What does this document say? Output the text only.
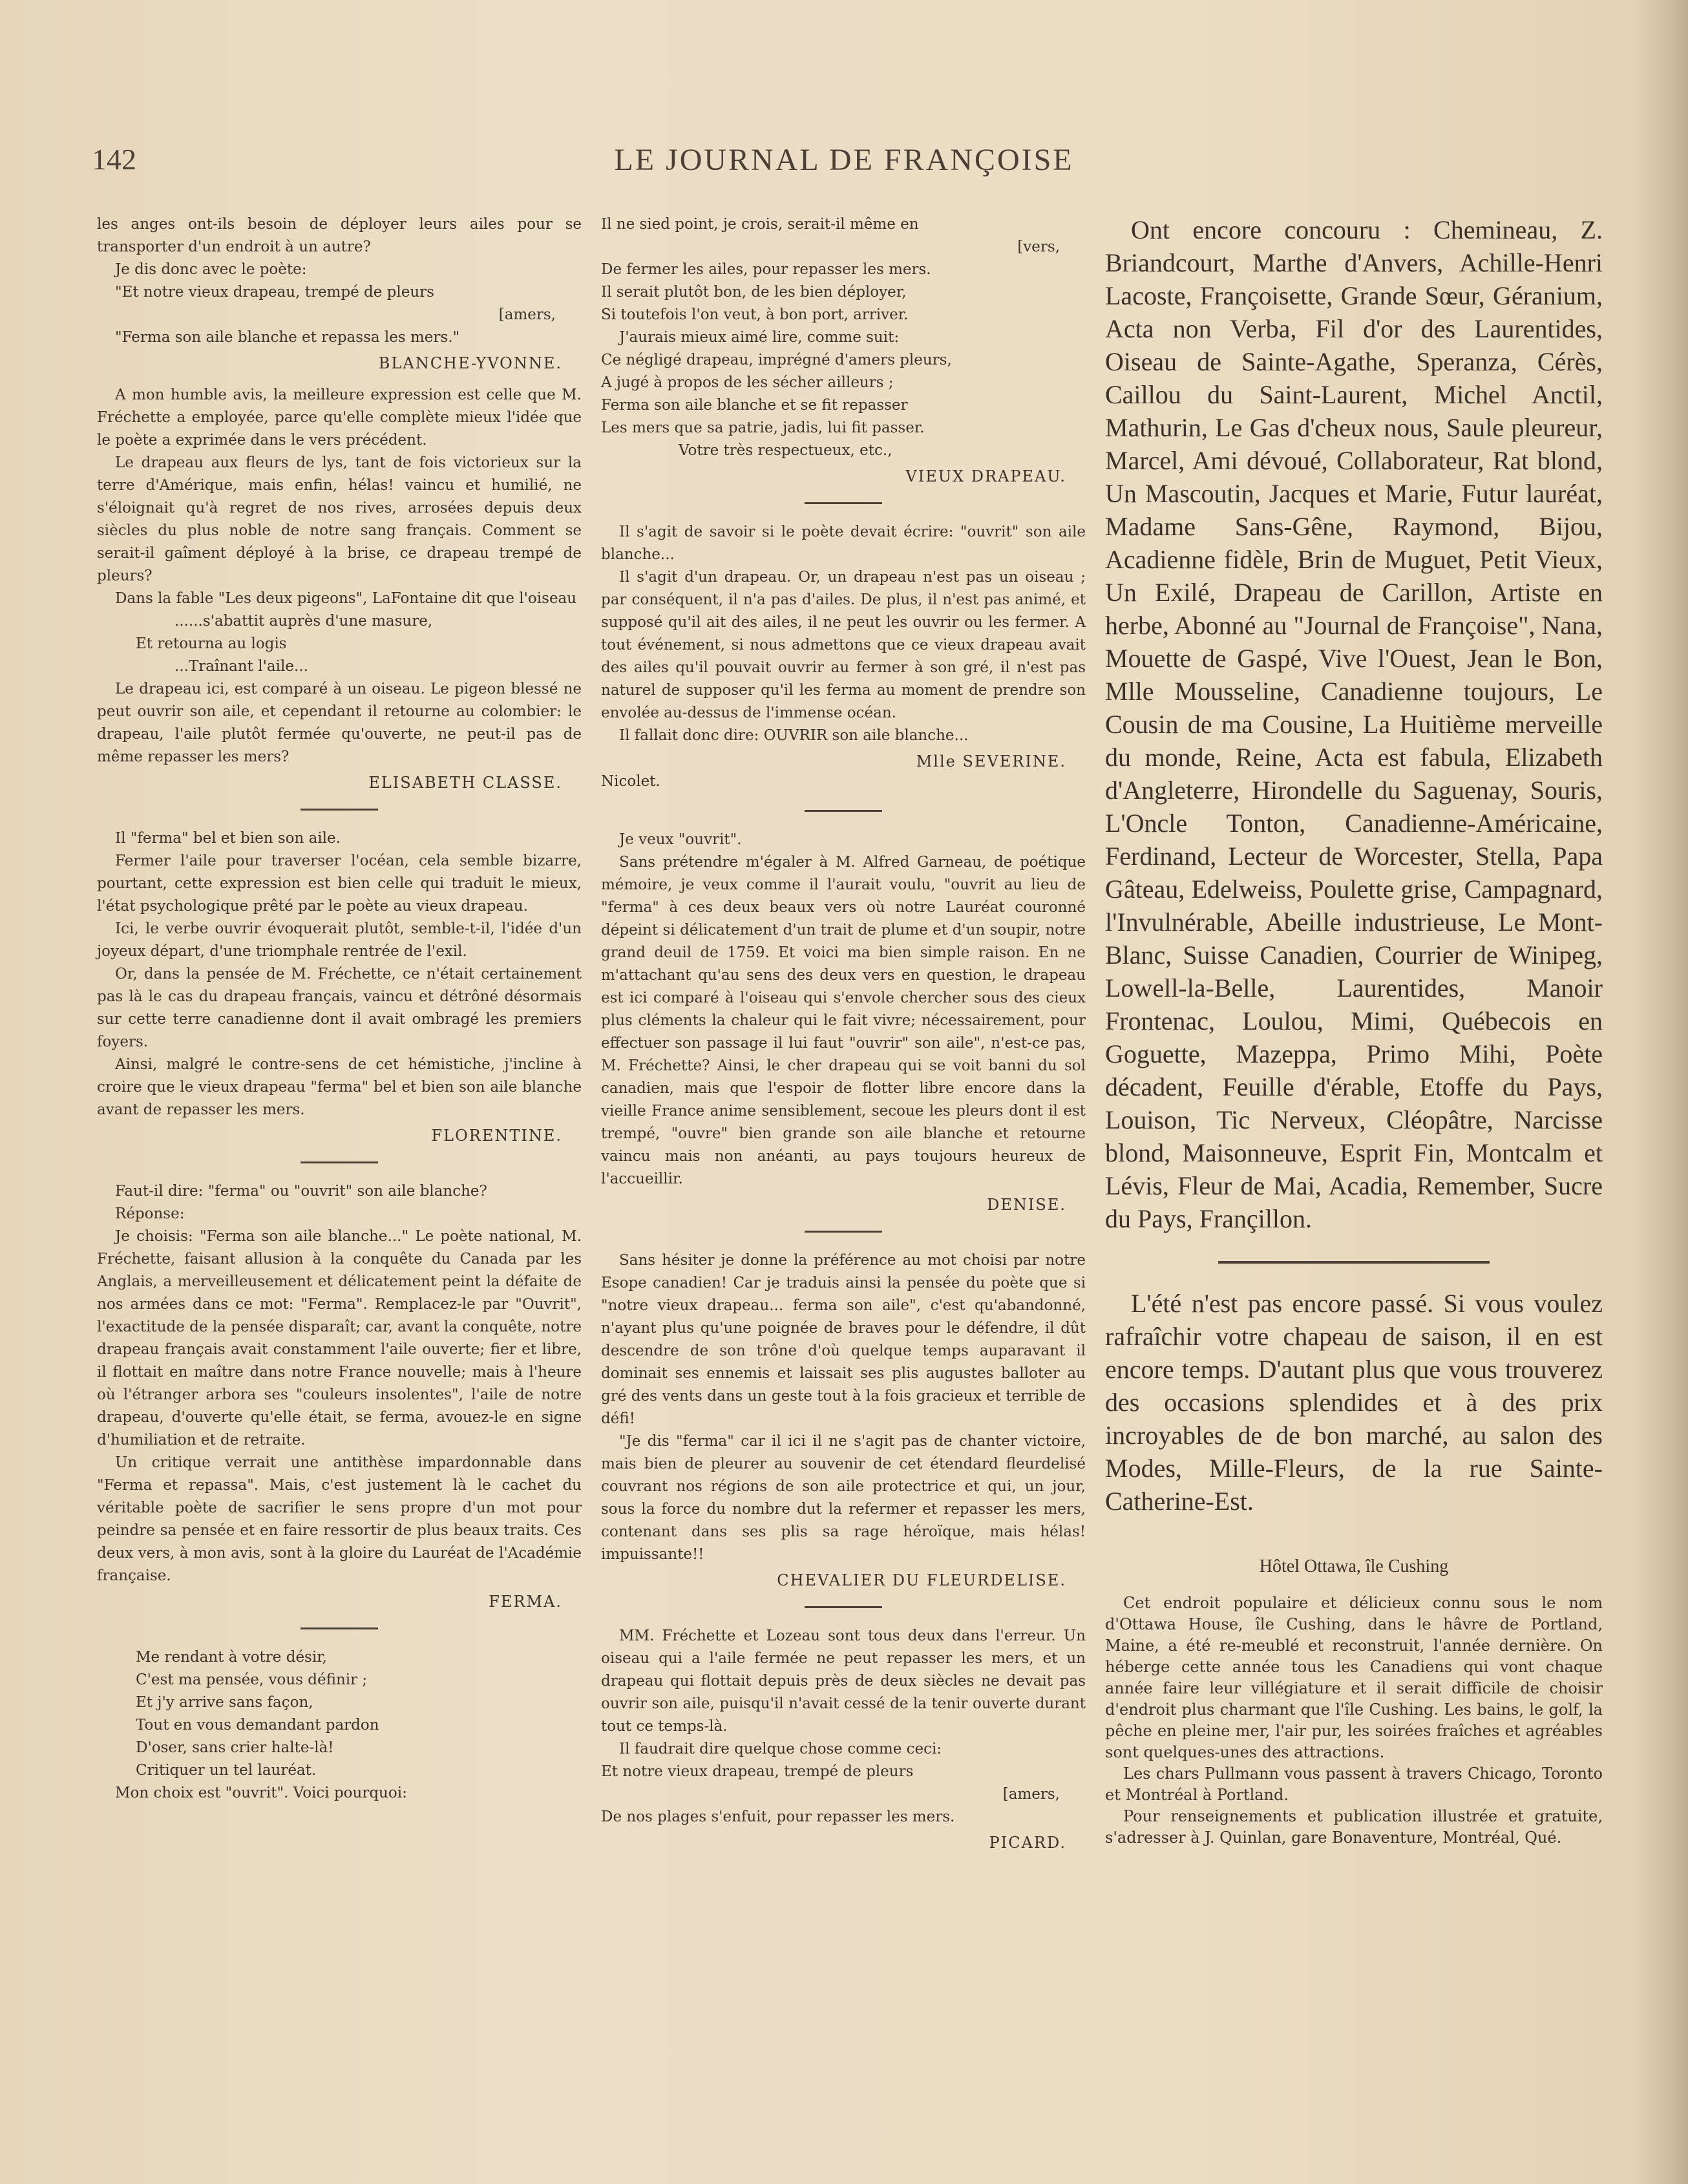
142	LE JOURNAL DE FRANÇOISE

les anges ont-ils besoin de déployer leurs ailes pour se transporter d'un endroit à un autre?

Je dis donc avec le poète:

"Et notre vieux drapeau, trempé de pleurs

[amers,

"Ferma son aile blanche et repassa les mers."

BLANCHE-YVONNE.

A mon humble avis, la meilleure expression est celle que M. Fréchette a employée, parce qu'elle complète mieux l'idée que le poète a exprimée dans le vers précédent.

Le drapeau aux fleurs de lys, tant de fois victorieux sur la terre d'Amérique, mais enfin, hélas! vaincu et humilié, ne s'éloignait qu'à regret de nos rives, arrosées depuis deux siècles du plus noble de notre sang français. Comment se serait-il gaîment déployé à la brise, ce drapeau trempé de pleurs?

Dans la fable "Les deux pigeons", LaFontaine dit que l'oiseau

......s'abattit auprès d'une masure,
Et retourna au logis
...Traînant l'aile...

Le drapeau ici, est comparé à un oiseau. Le pigeon blessé ne peut ouvrir son aile, et cependant il retourne au colombier: le drapeau, l'aile plutôt fermée qu'ouverte, ne peut-il pas de même repasser les mers?

ELISABETH CLASSE.

Il "ferma" bel et bien son aile.

Fermer l'aile pour traverser l'océan, cela semble bizarre, pourtant, cette expression est bien celle qui traduit le mieux, l'état psychologique prêté par le poète au vieux drapeau.

Ici, le verbe ouvrir évoquerait plutôt, semble-t-il, l'idée d'un joyeux départ, d'une triomphale rentrée de l'exil.

Or, dans la pensée de M. Fréchette, ce n'était certainement pas là le cas du drapeau français, vaincu et détrôné désormais sur cette terre canadienne dont il avait ombragé les premiers foyers.

Ainsi, malgré le contre-sens de cet hémistiche, j'incline à croire que le vieux drapeau "ferma" bel et bien son aile blanche avant de repasser les mers.

FLORENTINE.

Faut-il dire: "ferma" ou "ouvrit" son aile blanche?

Réponse:

Je choisis: "Ferma son aile blanche..." Le poète national, M. Fréchette, faisant allusion à la conquête du Canada par les Anglais, a merveilleusement et délicatement peint la défaite de nos armées dans ce mot: "Ferma". Remplacez-le par "Ouvrit", l'exactitude de la pensée disparaît; car, avant la conquête, notre drapeau français avait constamment l'aile ouverte; fier et libre, il flottait en maître dans notre France nouvelle; mais à l'heure où l'étranger arbora ses "couleurs insolentes", l'aile de notre drapeau, d'ouverte qu'elle était, se ferma, avouez-le en signe d'humiliation et de retraite.

Un critique verrait une antithèse impardonnable dans "Ferma et repassa". Mais, c'est justement là le cachet du véritable poète de sacrifier le sens propre d'un mot pour peindre sa pensée et en faire ressortir de plus beaux traits. Ces deux vers, à mon avis, sont à la gloire du Lauréat de l'Académie française.

FERMA.
Me rendant à votre désir,
C'est ma pensée, vous définir ;
Et j'y arrive sans façon,
Tout en vous demandant pardon
D'oser, sans crier halte-là!
Critiquer un tel lauréat.

Mon choix est "ouvrit". Voici pourquoi:

Il ne sied point, je crois, serait-il même en
[vers,
De fermer les ailes, pour repasser les mers.
Il serait plutôt bon, de les bien déployer,
Si toutefois l'on veut, à bon port, arriver.

J'aurais mieux aimé lire, comme suit:

Ce négligé drapeau, imprégné d'amers pleurs,
A jugé à propos de les sécher ailleurs ;
Ferma son aile blanche et se fit repasser
Les mers que sa patrie, jadis, lui fit passer.
Votre très respectueux, etc.,
VIEUX DRAPEAU.

Il s'agit de savoir si le poète devait écrire: "ouvrit" son aile blanche...

Il s'agit d'un drapeau. Or, un drapeau n'est pas un oiseau ; par conséquent, il n'a pas d'ailes. De plus, il n'est pas animé, et supposé qu'il ait des ailes, il ne peut les ouvrir ou les fermer. A tout événement, si nous admettons que ce vieux drapeau avait des ailes qu'il pouvait ouvrir au fermer à son gré, il n'est pas naturel de supposer qu'il les ferma au moment de prendre son envolée au-dessus de l'immense océan.

Il fallait donc dire: OUVRIR son aile blanche...

Mlle SEVERINE.
Nicolet.

Je veux "ouvrit".

Sans prétendre m'égaler à M. Alfred Garneau, de poétique mémoire, je veux comme il l'aurait voulu, "ouvrit au lieu de "ferma" à ces deux beaux vers où notre Lauréat couronné dépeint si délicatement d'un trait de plume et d'un soupir, notre grand deuil de 1759. Et voici ma bien simple raison. En ne m'attachant qu'au sens des deux vers en question, le drapeau est ici comparé à l'oiseau qui s'envole chercher sous des cieux plus cléments la chaleur qui le fait vivre; nécessairement, pour effectuer son passage il lui faut "ouvrir" son aile", n'est-ce pas, M. Fréchette? Ainsi, le cher drapeau qui se voit banni du sol canadien, mais que l'espoir de flotter libre encore dans la vieille France anime sensiblement, secoue les pleurs dont il est trempé, "ouvre" bien grande son aile blanche et retourne vaincu mais non anéanti, au pays toujours heureux de l'accueillir.

DENISE.

Sans hésiter je donne la préférence au mot choisi par notre Esope canadien! Car je traduis ainsi la pensée du poète que si "notre vieux drapeau... ferma son aile", c'est qu'abandonné, n'ayant plus qu'une poignée de braves pour le défendre, il dût descendre de son trône d'où quelque temps auparavant il dominait ses ennemis et laissait ses plis augustes balloter au gré des vents dans un geste tout à la fois gracieux et terrible de défi!

"Je dis "ferma" car il ici il ne s'agit pas de chanter victoire, mais bien de pleurer au souvenir de cet étendard fleurdelisé couvrant nos régions de son aile protectrice et qui, un jour, sous la force du nombre dut la refermer et repasser les mers, contenant dans ses plis sa rage héroïque, mais hélas! impuissante!!

CHEVALIER DU FLEURDELISE.

MM. Fréchette et Lozeau sont tous deux dans l'erreur. Un oiseau qui a l'aile fermée ne peut repasser les mers, et un drapeau qui flottait depuis près de deux siècles ne devait pas ouvrir son aile, puisqu'il n'avait cessé de la tenir ouverte durant tout ce temps-là.

Il faudrait dire quelque chose comme ceci:

Et notre vieux drapeau, trempé de pleurs
[amers,
De nos plages s'enfuit, pour repasser les mers.
PICARD.

Ont encore concouru : Chemineau, Z. Briandcourt, Marthe d'Anvers, Achille-Henri Lacoste, Françoisette, Grande Sœur, Géranium, Acta non Verba, Fil d'or des Laurentides, Oiseau de Sainte-Agathe, Speranza, Cérès, Caillou du Saint-Laurent, Michel Anctil, Mathurin, Le Gas d'cheux nous, Saule pleureur, Marcel, Ami dévoué, Collaborateur, Rat blond, Un Mascoutin, Jacques et Marie, Futur lauréat, Madame Sans-Gêne, Raymond, Bijou, Acadienne fidèle, Brin de Muguet, Petit Vieux, Un Exilé, Drapeau de Carillon, Artiste en herbe, Abonné au "Journal de Françoise", Nana, Mouette de Gaspé, Vive l'Ouest, Jean le Bon, Mlle Mousseline, Canadienne toujours, Le Cousin de ma Cousine, La Huitième merveille du monde, Reine, Acta est fabula, Elizabeth d'Angleterre, Hirondelle du Saguenay, Souris, L'Oncle Tonton, Canadienne-Américaine, Ferdinand, Lecteur de Worcester, Stella, Papa Gâteau, Edelweiss, Poulette grise, Campagnard, l'Invulnérable, Abeille industrieuse, Le Mont-Blanc, Suisse Canadien, Courrier de Winipeg, Lowell-la-Belle, Laurentides, Manoir Frontenac, Loulou, Mimi, Québecois en Goguette, Mazeppa, Primo Mihi, Poète décadent, Feuille d'érable, Etoffe du Pays, Louison, Tic Nerveux, Cléopâtre, Narcisse blond, Maisonneuve, Esprit Fin, Montcalm et Lévis, Fleur de Mai, Acadia, Remember, Sucre du Pays, Françillon.

L'été n'est pas encore passé. Si vous voulez rafraîchir votre chapeau de saison, il en est encore temps. D'autant plus que vous trouverez des occasions splendides et à des prix incroyables de de bon marché, au salon des Modes, Mille-Fleurs, de la rue Sainte-Catherine-Est.

Hôtel Ottawa, île Cushing

Cet endroit populaire et délicieux connu sous le nom d'Ottawa House, île Cushing, dans le hâvre de Portland, Maine, a été re-meublé et reconstruit, l'année dernière. On héberge cette année tous les Canadiens qui vont chaque année faire leur villégiature et il serait difficile de choisir d'endroit plus charmant que l'île Cushing. Les bains, le golf, la pêche en pleine mer, l'air pur, les soirées fraîches et agréables sont quelques-unes des attractions.

Les chars Pullmann vous passent à travers Chicago, Toronto et Montréal à Portland.

Pour renseignements et publication illustrée et gratuite, s'adresser à J. Quinlan, gare Bonaventure, Montréal, Qué.
